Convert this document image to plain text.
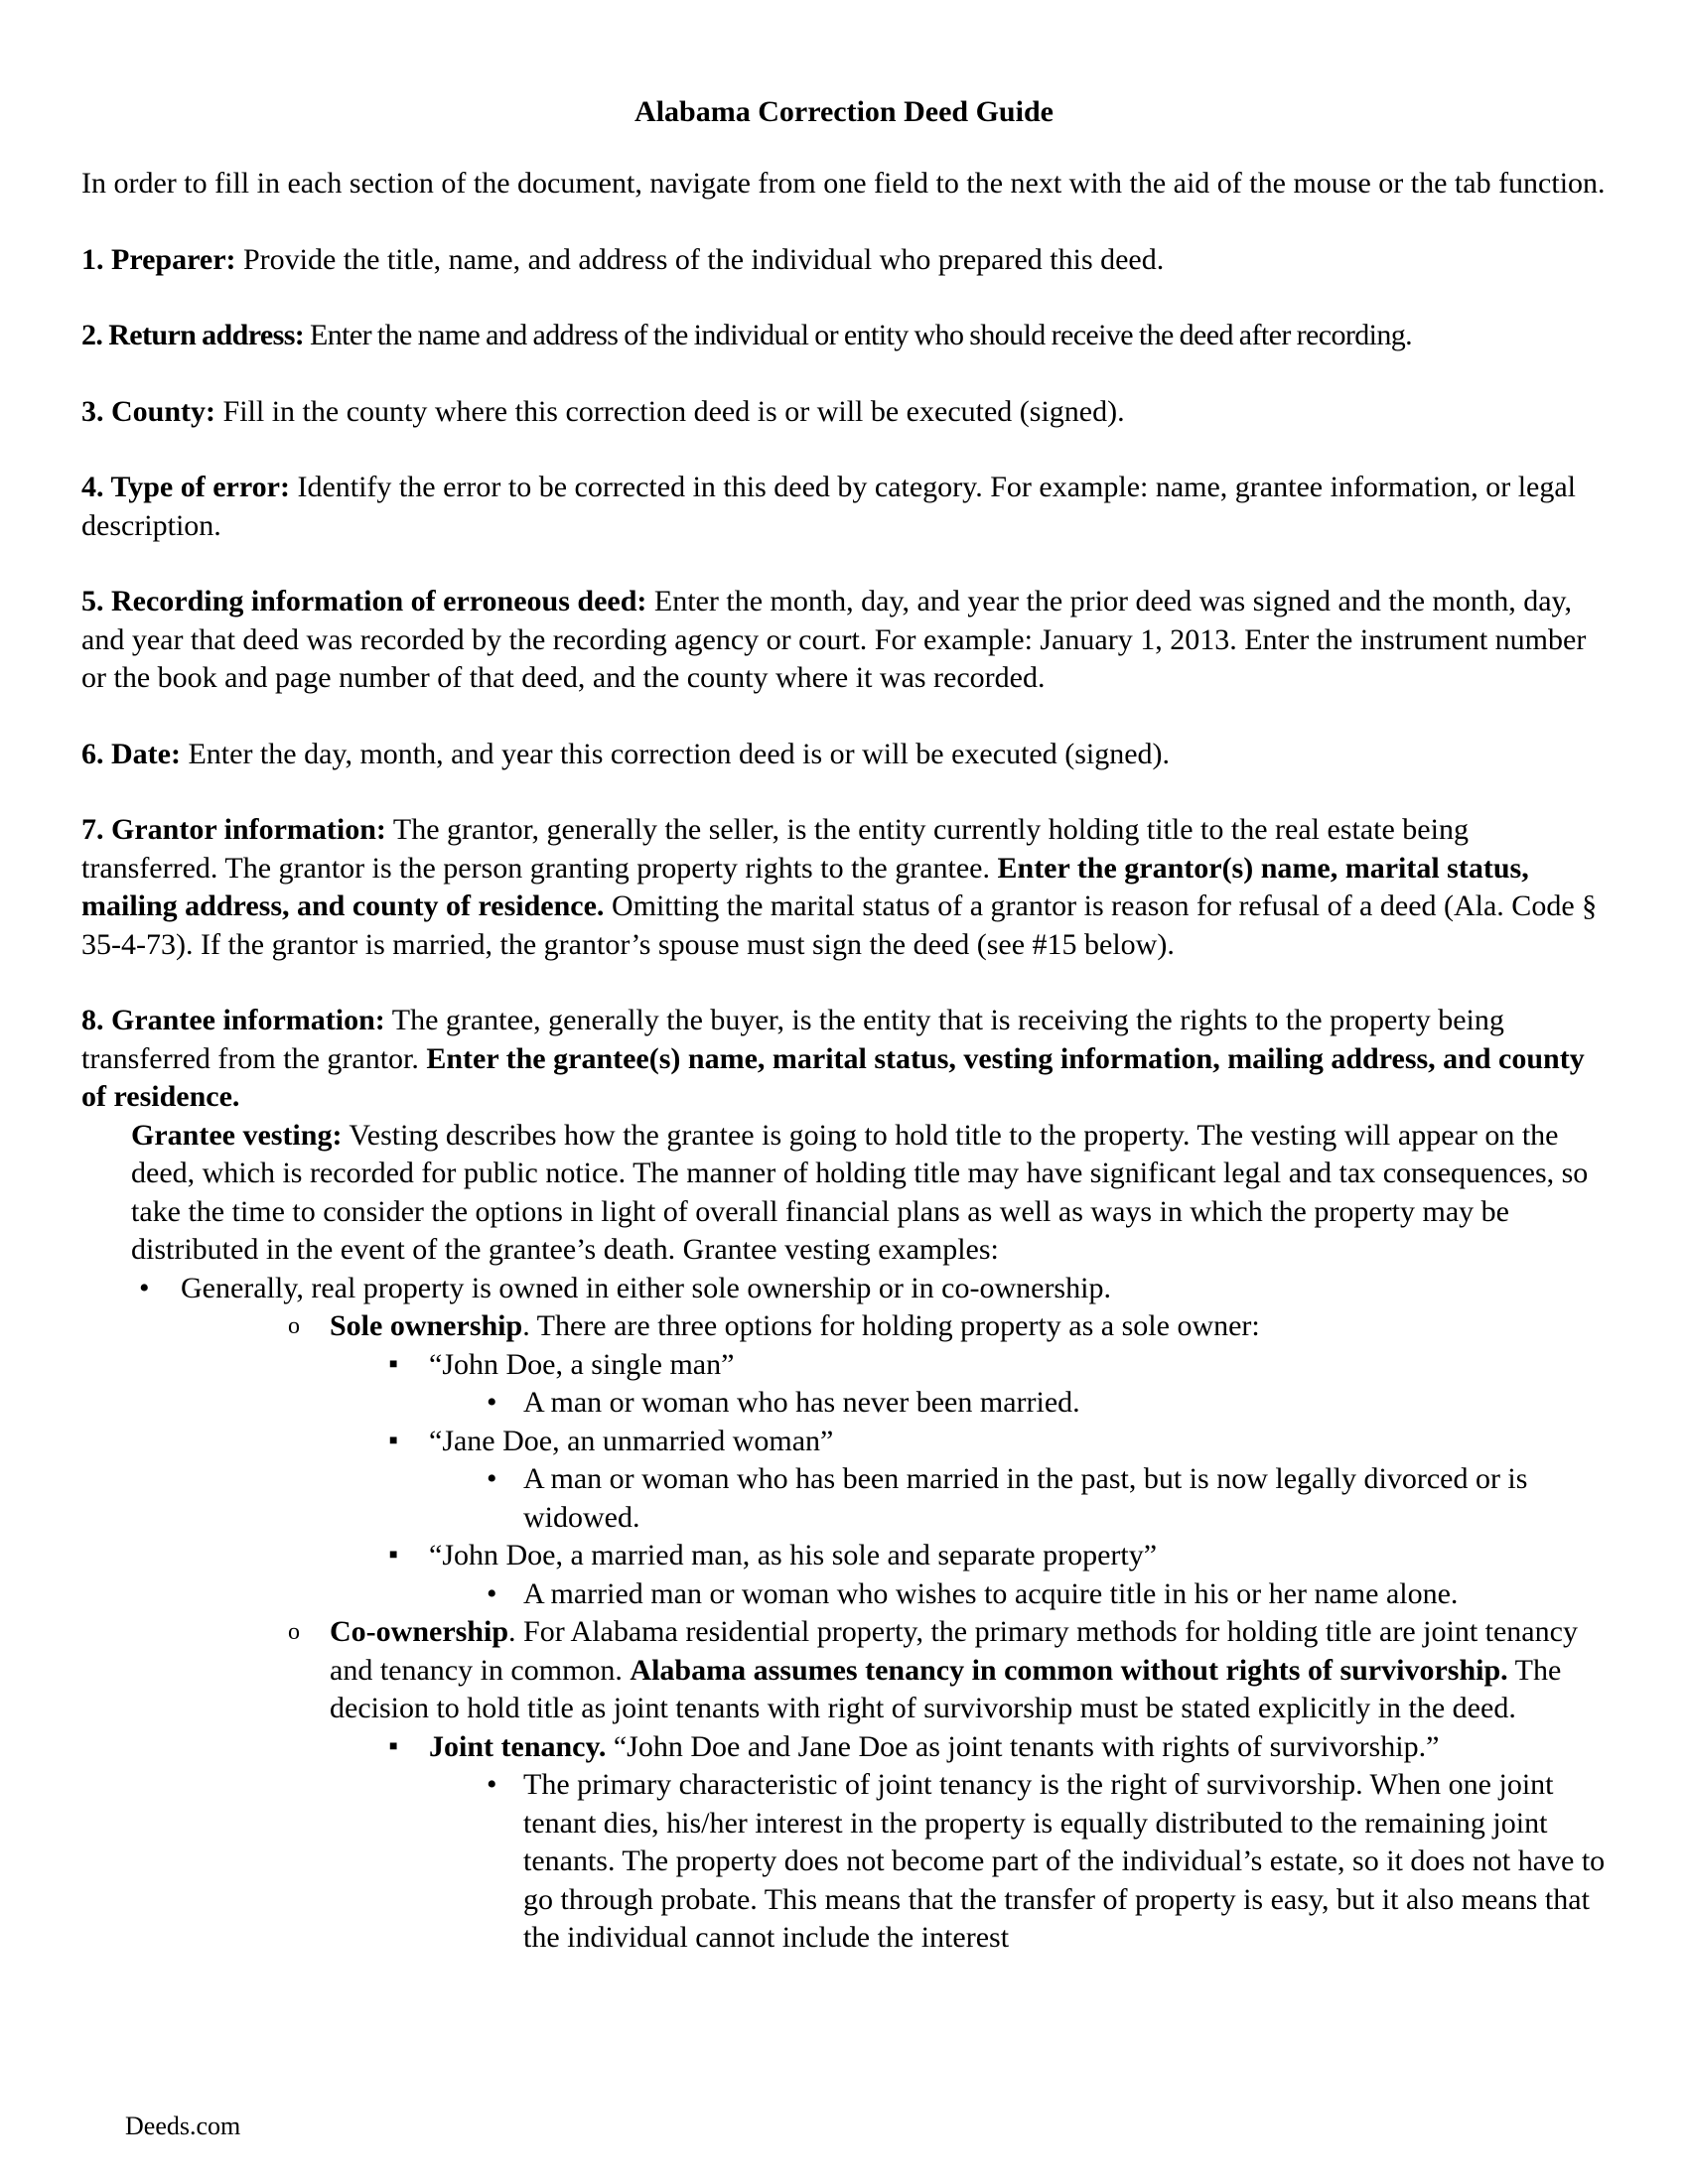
Alabama Correction Deed Guide

In order to fill in each section of the document, navigate from one field to the next with the aid of the mouse or the tab function.

1. Preparer: Provide the title, name, and address of the individual who prepared this deed.

2. Return address: Enter the name and address of the individual or entity who should receive the deed after recording.

3. County: Fill in the county where this correction deed is or will be executed (signed).

4. Type of error: Identify the error to be corrected in this deed by category. For example: name, grantee information, or legal description.

5. Recording information of erroneous deed: Enter the month, day, and year the prior deed was signed and the month, day, and year that deed was recorded by the recording agency or court. For example: January 1, 2013. Enter the instrument number or the book and page number of that deed, and the county where it was recorded.

6. Date: Enter the day, month, and year this correction deed is or will be executed (signed).

7. Grantor information: The grantor, generally the seller, is the entity currently holding title to the real estate being transferred. The grantor is the person granting property rights to the grantee. Enter the grantor(s) name, marital status, mailing address, and county of residence. Omitting the marital status of a grantor is reason for refusal of a deed (Ala. Code § 35-4-73). If the grantor is married, the grantor’s spouse must sign the deed (see #15 below).

8. Grantee information: The grantee, generally the buyer, is the entity that is receiving the rights to the property being transferred from the grantor. Enter the grantee(s) name, marital status, vesting information, mailing address, and county of residence.

Grantee vesting: Vesting describes how the grantee is going to hold title to the property. The vesting will appear on the deed, which is recorded for public notice. The manner of holding title may have significant legal and tax consequences, so take the time to consider the options in light of overall financial plans as well as ways in which the property may be distributed in the event of the grantee’s death. Grantee vesting examples:
•	Generally, real property is owned in either sole ownership or in co-ownership.
o	Sole ownership. There are three options for holding property as a sole owner:
■	“John Doe, a single man”
• A man or woman who has never been married.
■	“Jane Doe, an unmarried woman”
• A man or woman who has been married in the past, but is now legally divorced or is widowed.
■	“John Doe, a married man, as his sole and separate property”
• A married man or woman who wishes to acquire title in his or her name alone.
o	Co-ownership. For Alabama residential property, the primary methods for holding title are joint tenancy and tenancy in common. Alabama assumes tenancy in common without rights of survivorship. The decision to hold title as joint tenants with right of survivorship must be stated explicitly in the deed.
■	Joint tenancy. “John Doe and Jane Doe as joint tenants with rights of survivorship.”
• The primary characteristic of joint tenancy is the right of survivorship. When one joint tenant dies, his/her interest in the property is equally distributed to the remaining joint tenants. The property does not become part of the individual’s estate, so it does not have to go through probate. This means that the transfer of property is easy, but it also means that the individual cannot include the interest
Deeds.com
